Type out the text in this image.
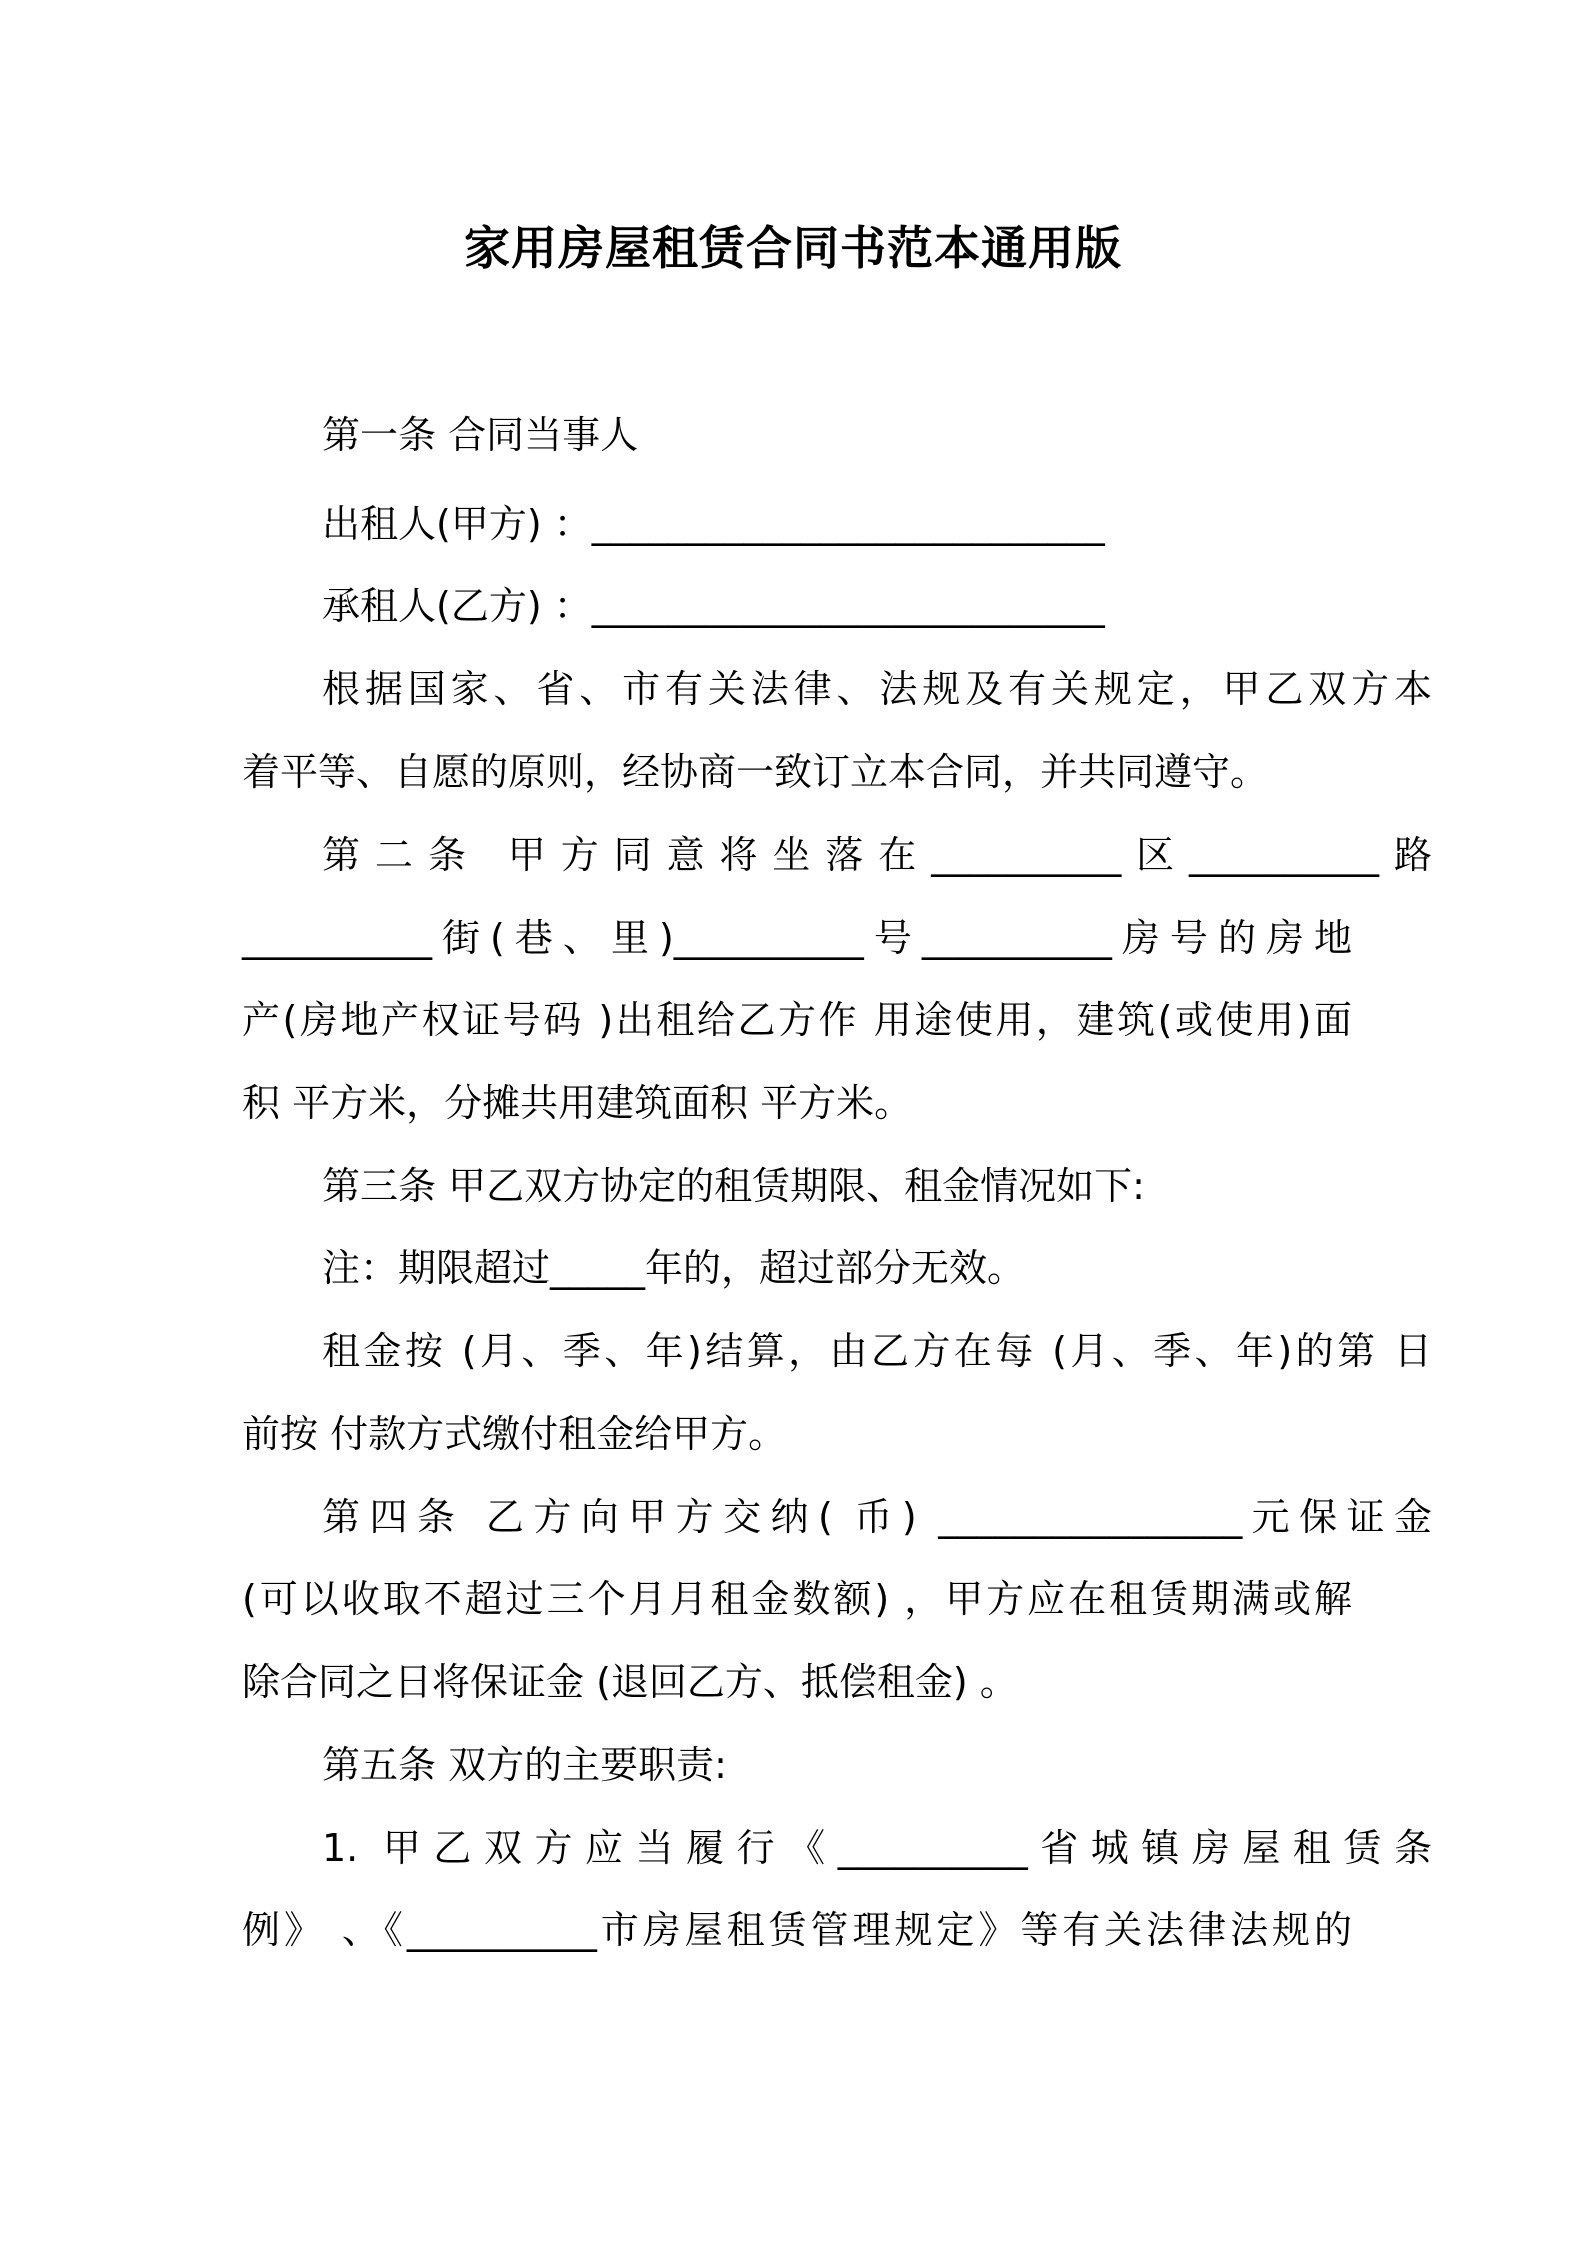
家用房屋租赁合同书范本通用版
第一条 合同当事人
出租人(甲方) ：___________________________
承租人(乙方) ：___________________________
根据国家、省、市有关法律、法规及有关规定，甲乙双方本
着平等、自愿的原则，经协商一致订立本合同，并共同遵守。
第二条 甲方同意将坐落在__________区__________路
__________街(巷、里)__________号__________房号的房地
产(房地产权证号码 )出租给乙方作 用途使用，建筑(或使用)面
积 平方米，分摊共用建筑面积 平方米。
第三条 甲乙双方协定的租赁期限、租金情况如下:
注：期限超过_____年的，超过部分无效。
租金按 (月、季、年)结算，由乙方在每 (月、季、年)的第 日
前按 付款方式缴付租金给甲方。
第四条 乙方向甲方交纳( 币) ________________元保证金
(可以收取不超过三个月月租金数额) ，甲方应在租赁期满或解
除合同之日将保证金 (退回乙方、抵偿租金) 。
第五条 双方的主要职责:
1. 甲乙双方应当履行《__________省城镇房屋租赁条
例》 、《__________市房屋租赁管理规定》等有关法律法规的
